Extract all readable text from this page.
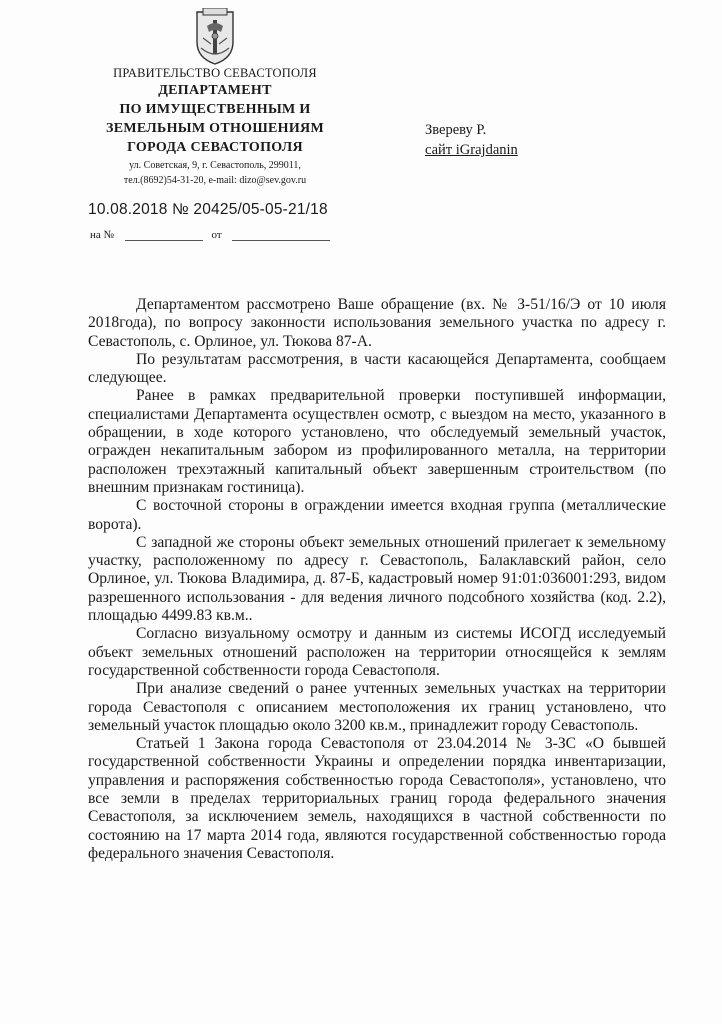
ПРАВИТЕЛЬСТВО СЕВАСТОПОЛЯ
ДЕПАРТАМЕНТ
ПО ИМУЩЕСТВЕННЫМ И
ЗЕМЕЛЬНЫМ ОТНОШЕНИЯМ
ГОРОДА СЕВАСТОПОЛЯ
ул. Советская, 9, г. Севастополь, 299011,
тел.(8692)54-31-20, e-mail: dizo@sev.gov.ru
10.08.2018 № 20425/05-05-21/18
на №	от
Звереву Р.
сайт iGrajdanin

Департаментом рассмотрено Ваше обращение (вх. № З-51/16/Э от 10 июля 2018года), по вопросу законности использования земельного участка по адресу г. Севастополь, с. Орлиное, ул. Тюкова 87-А.

По результатам рассмотрения, в части касающейся Департамента, сообщаем следующее.

Ранее в рамках предварительной проверки поступившей информации, специалистами Департамента осуществлен осмотр, с выездом на место, указанного в обращении, в ходе которого установлено, что обследуемый земельный участок, огражден некапитальным забором из профилированного металла, на территории расположен трехэтажный капитальный объект завершенным строительством (по внешним признакам гостиница).

С восточной стороны в ограждении имеется входная группа (металлические ворота).

С западной же стороны объект земельных отношений прилегает к земельному участку, расположенному по адресу г. Севастополь, Балаклавский район, село Орлиное, ул. Тюкова Владимира, д. 87-Б, кадастровый номер 91:01:036001:293, видом разрешенного использования - для ведения личного подсобного хозяйства (код. 2.2), площадью 4499.83 кв.м..

Согласно визуальному осмотру и данным из системы ИСОГД исследуемый объект земельных отношений расположен на территории относящейся к землям государственной собственности города Севастополя.

При анализе сведений о ранее учтенных земельных участках на территории города Севастополя с описанием местоположения их границ установлено, что земельный участок площадью около 3200 кв.м., принадлежит городу Севастополь.

Статьей 1 Закона города Севастополя от 23.04.2014 № 3-ЗС «О бывшей государственной собственности Украины и определении порядка инвентаризации, управления и распоряжения собственностью города Севастополя», установлено, что все земли в пределах территориальных границ города федерального значения Севастополя, за исключением земель, находящихся в частной собственности по состоянию на 17 марта 2014 года, являются государственной собственностью города федерального значения Севастополя.
